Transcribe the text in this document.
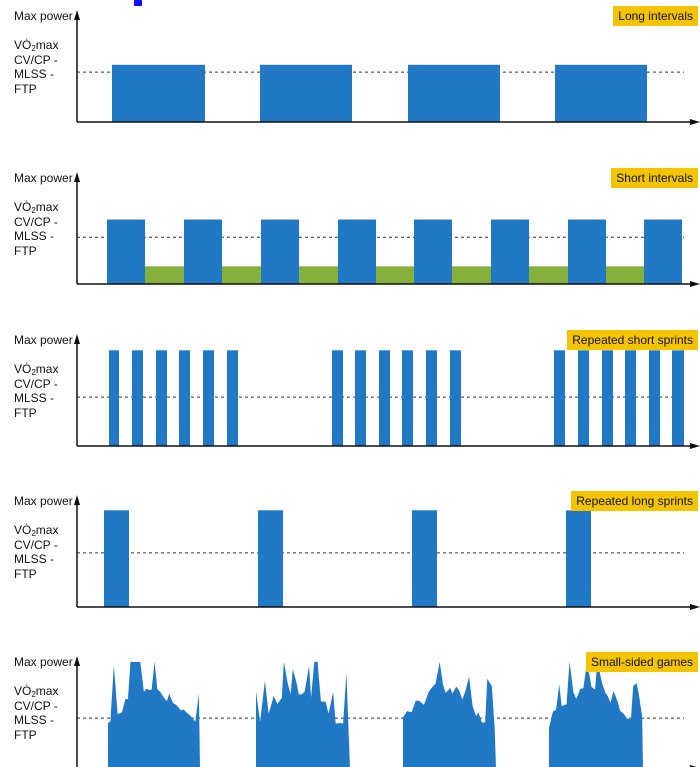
Max power
$VȮ_2\max$
CV/CP -
MLSS -
FTP
Long intervals
Max power
$VȮ_2\max$
CV/CP -
MLSS -
FTP
Short intervals
Max power
$VȮ_2\max$
CV/CP -
MLSS -
FTP
Repeated short sprints
Max power
$VȮ_2\max$
CV/CP -
MLSS -
FTP
Repeated long sprints
Max power
$VȮ_2\max$
CV/CP -
MLSS -
FTP
Small-sided games
